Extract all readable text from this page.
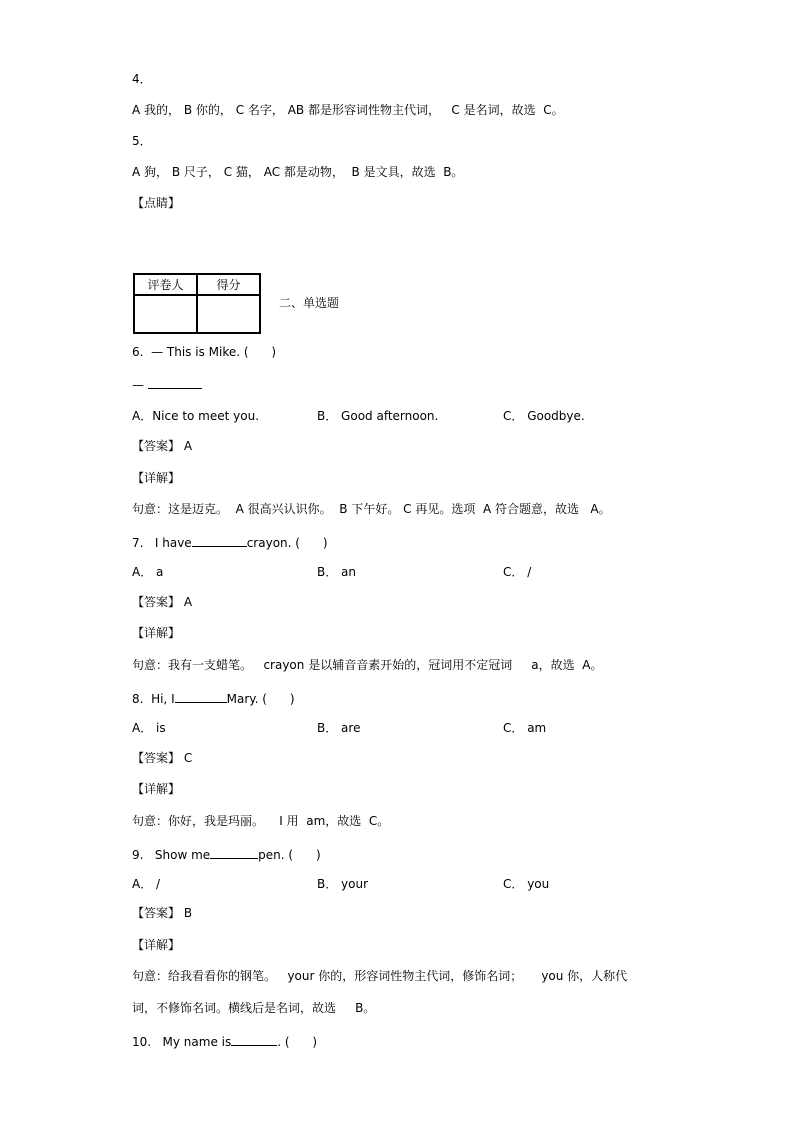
4．
A 我的， B 你的， C 名字， AB 都是形容词性物主代词，   C 是名词，故选  C。
5．
A 狗， B 尺子， C 猫， AC 都是动物，  B 是文具，故选  B。
【点睛】
评卷人	得分

二、单选题
6.  — This is Mike. (      )
—
A．Nice to meet you.	B． Good afternoon.	C． Goodbye.
【答案】 A
【详解】
句意：这是迈克。  A 很高兴认识你。  B 下午好。 C 再见。选项  A 符合题意，故选   A。
7.   I have	crayon. (      )
A． a	B． an	C． /
【答案】 A
【详解】
句意：我有一支蜡笔。   crayon 是以辅音音素开始的，冠词用不定冠词     a，故选  A。
8.  Hi, I	Mary. (      )
A． is	B． are	C． am
【答案】 C
【详解】
句意：你好，我是玛丽。    I 用  am，故选  C。
9.   Show me	pen. (      )
A． /	B． your	C． you
【答案】 B
【详解】
句意：给我看看你的钢笔。   your 你的，形容词性物主代词，修饰名词；     you 你，人称代
词，不修饰名词。横线后是名词，故选     B。
10.   My name is	. (      )
